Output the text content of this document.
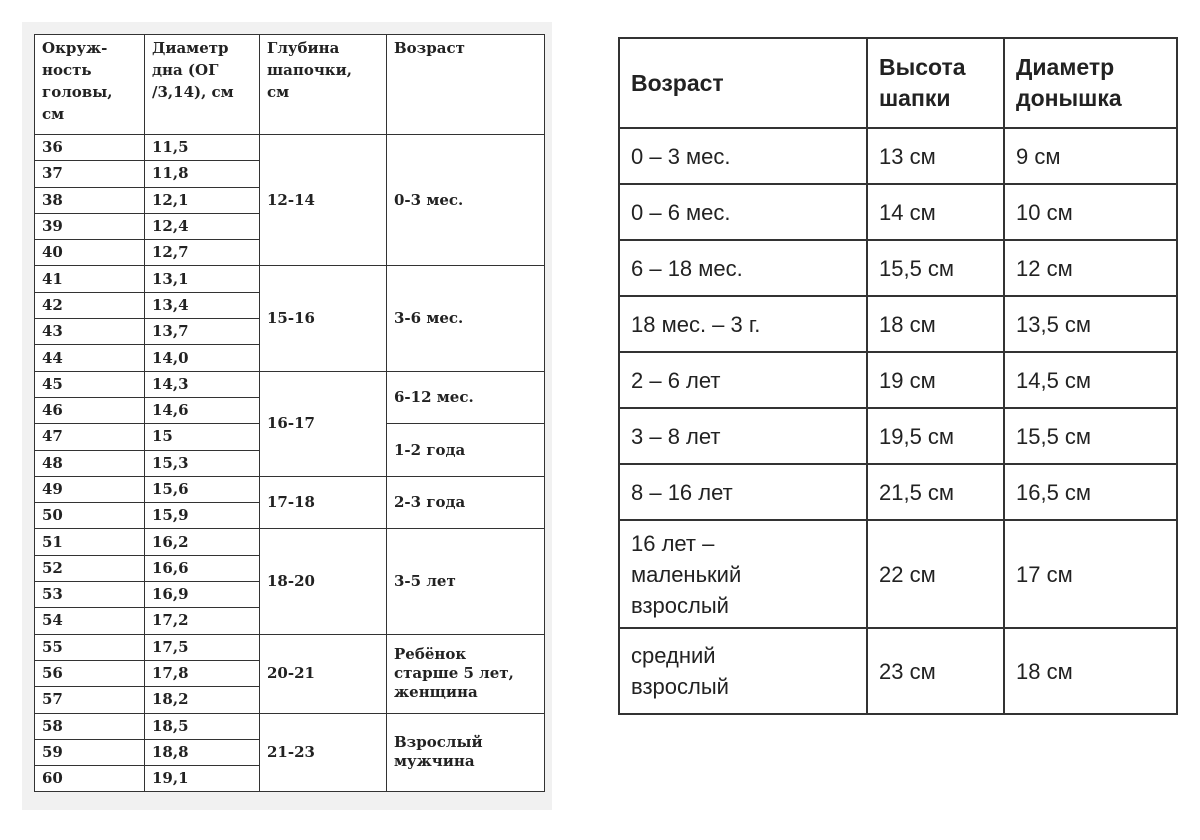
Окруж-
ность
головы,
см	Диаметр
дна (ОГ
/3,14), см	Глубина
шапочки,
см	Возраст
36	11,5	12-14	0-3 мес.
37	11,8		
38	12,1		
39	12,4		
40	12,7		
41	13,1	15-16	3-6 мес.
42	13,4		
43	13,7		
44	14,0		
45	14,3	16-17	6-12 мес.
46	14,6		
47	15		1-2 года
48	15,3		
49	15,6	17-18	2-3 года
50	15,9		
51	16,2	18-20	3-5 лет
52	16,6		
53	16,9		
54	17,2		
55	17,5	20-21	Ребёнок
старше 5 лет,
женщина
56	17,8		
57	18,2		
58	18,5	21-23	Взрослый
мужчина
59	18,8		
60	19,1		
Возраст	Высота
шапки	Диаметр
донышка
0 – 3 мес.	13 см	9 см
0 – 6 мес.	14 см	10 см
6 – 18 мес.	15,5 см	12 см
18 мес. – 3 г.	18 см	13,5 см
2 – 6 лет	19 см	14,5 см
3 – 8 лет	19,5 см	15,5 см
8 – 16 лет	21,5 см	16,5 см
16 лет –
маленький
взрослый	22 см	17 см
средний
взрослый	23 см	18 см
